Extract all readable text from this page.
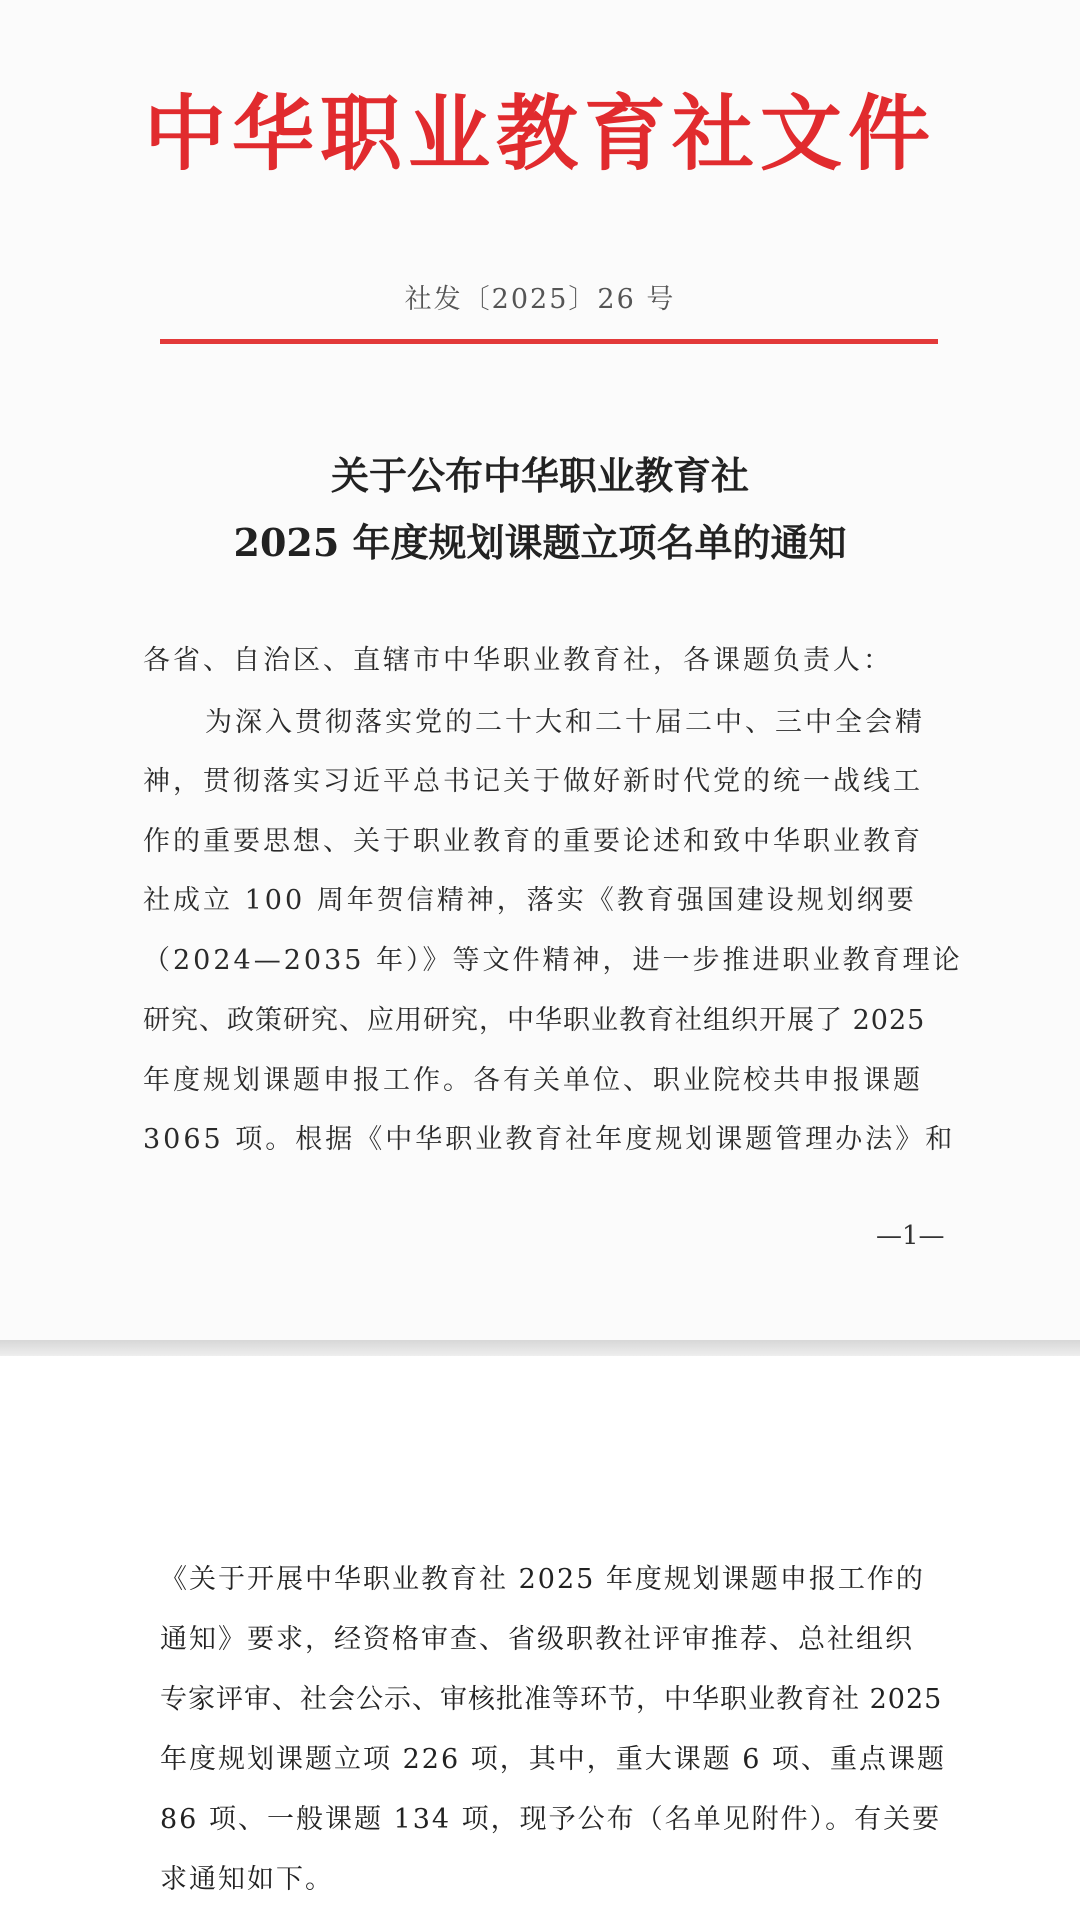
中华职业教育社文件
社发〔2025〕26 号
关于公布中华职业教育社
2025 年度规划课题立项名单的通知
各省、自治区、直辖市中华职业教育社，各课题负责人：
为深入贯彻落实党的二十大和二十届二中、三中全会精
神，贯彻落实习近平总书记关于做好新时代党的统一战线工
作的重要思想、关于职业教育的重要论述和致中华职业教育
社成立 100 周年贺信精神，落实《教育强国建设规划纲要
（2024—2035 年）》等文件精神，进一步推进职业教育理论
研究、政策研究、应用研究，中华职业教育社组织开展了 2025
年度规划课题申报工作。各有关单位、职业院校共申报课题
3065 项。根据《中华职业教育社年度规划课题管理办法》和
—1—
《关于开展中华职业教育社 2025 年度规划课题申报工作的
通知》要求，经资格审查、省级职教社评审推荐、总社组织
专家评审、社会公示、审核批准等环节，中华职业教育社 2025
年度规划课题立项 226 项，其中，重大课题 6 项、重点课题
86 项、一般课题 134 项，现予公布（名单见附件）。有关要
求通知如下。
